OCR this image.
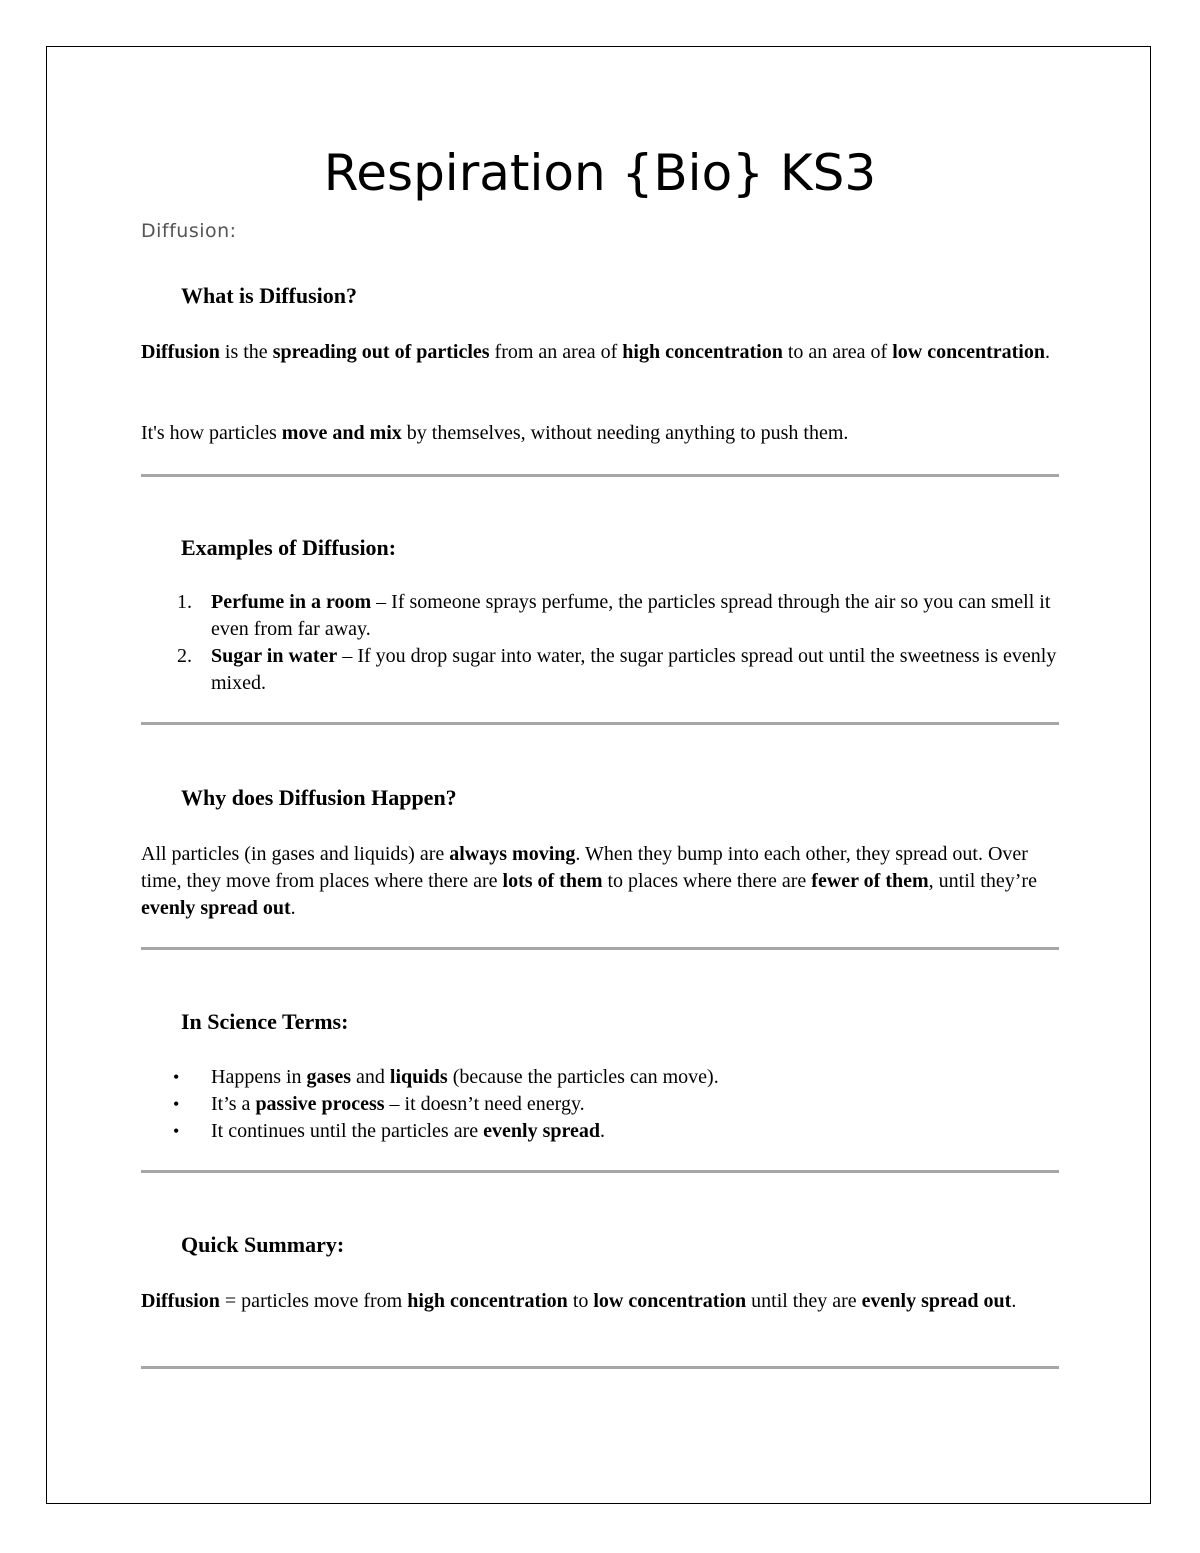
Respiration {Bio} KS3

Diffusion:

What is Diffusion?

Diffusion is the spreading out of particles from an area of high concentration to an area of low concentration.

It's how particles move and mix by themselves, without needing anything to push them.

Examples of Diffusion:
1. Perfume in a room – If someone sprays perfume, the particles spread through the air so you can smell it even from far away.
2. Sugar in water – If you drop sugar into water, the sugar particles spread out until the sweetness is evenly mixed.
Why does Diffusion Happen?

All particles (in gases and liquids) are always moving. When they bump into each other, they spread out. Over time, they move from places where there are lots of them to places where there are fewer of them, until they’re evenly spread out.

In Science Terms:
• Happens in gases and liquids (because the particles can move).
• It’s a passive process – it doesn’t need energy.
• It continues until the particles are evenly spread.
Quick Summary:

Diffusion = particles move from high concentration to low concentration until they are evenly spread out.
